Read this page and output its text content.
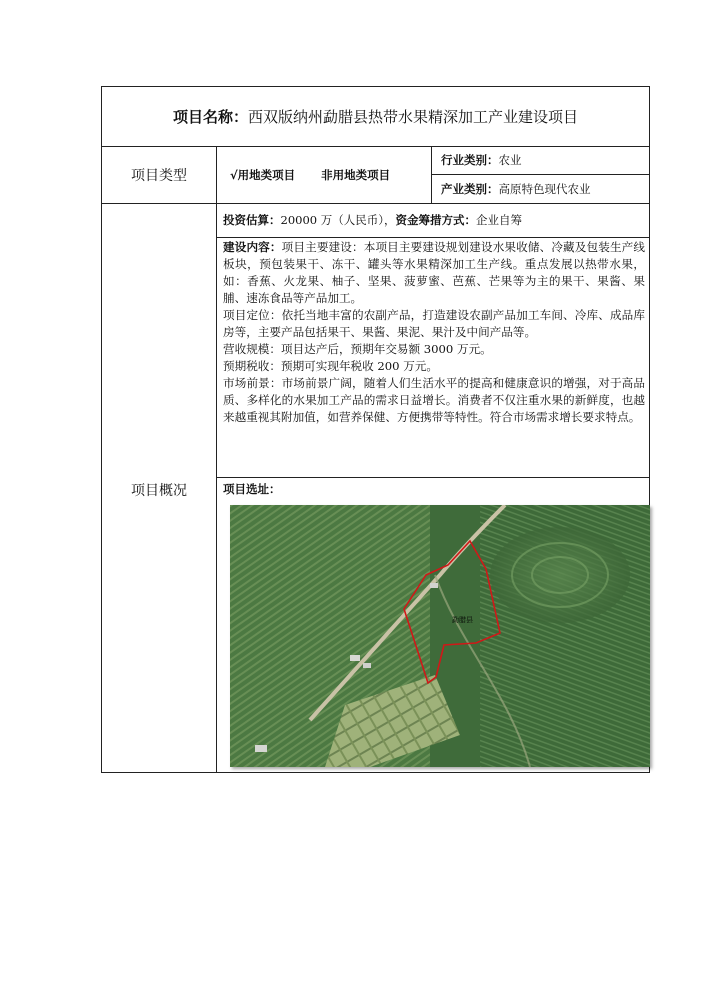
项目名称： 西双版纳州勐腊县热带水果精深加工产业建设项目
项目类型	√用地类项目 非用地类项目
行业类别： 农业
产业类别： 高原特色现代农业
项目概况
投资估算： 20000 万（人民币）， 资金筹措方式： 企业自筹

建设内容：项目主要建设：本项目主要建设规划建设水果收储、冷藏及包装生产线板块，预包装果干、冻干、罐头等水果精深加工生产线。重点发展以热带水果，如：香蕉、火龙果、柚子、坚果、菠萝蜜、芭蕉、芒果等为主的果干、果酱、果脯、速冻食品等产品加工。

项目定位：依托当地丰富的农副产品，打造建设农副产品加工车间、冷库、成品库房等，主要产品包括果干、果酱、果泥、果汁及中间产品等。

营收规模：项目达产后，预期年交易额 3000 万元。

预期税收：预期可实现年税收 200 万元。

市场前景：市场前景广阔，随着人们生活水平的提高和健康意识的增强，对于高品质、多样化的水果加工产品的需求日益增长。消费者不仅注重水果的新鲜度，也越来越重视其附加值，如营养保健、方便携带等特性。符合市场需求增长要求特点。

项目选址：
勐腊县
